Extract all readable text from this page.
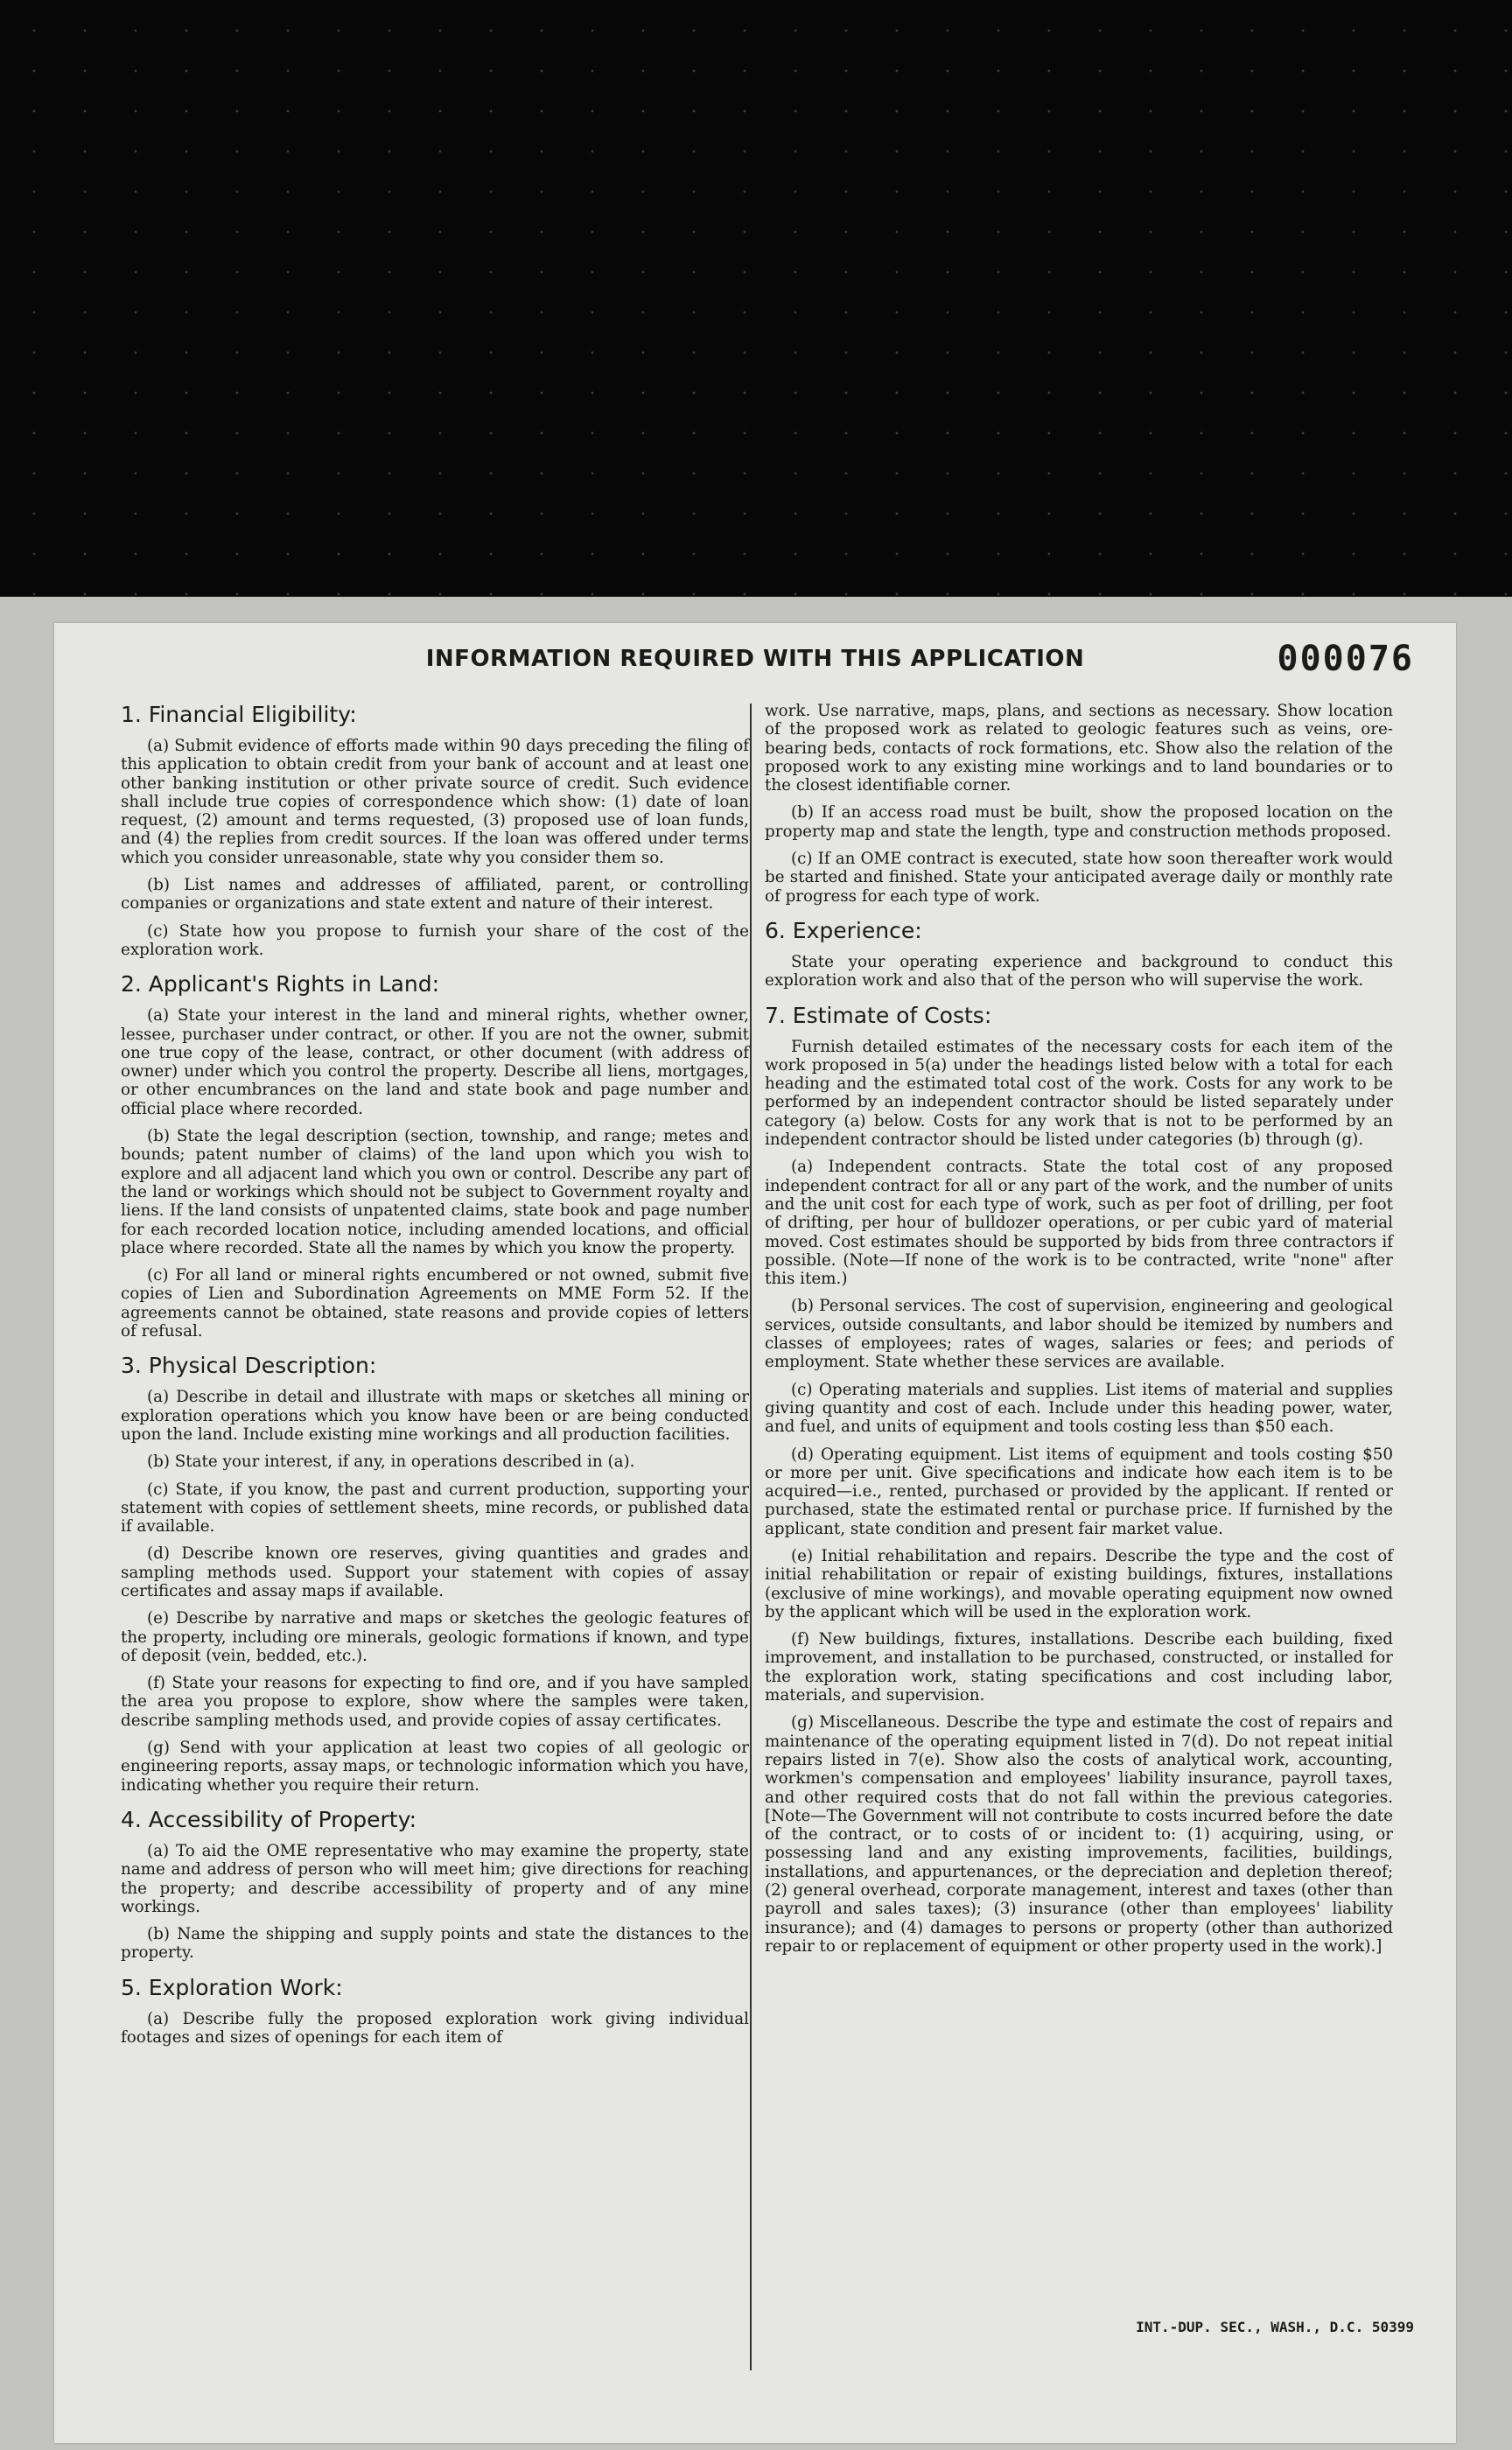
INFORMATION REQUIRED WITH THIS APPLICATION	000076
1. Financial Eligibility:

(a) Submit evidence of efforts made within 90 days preceding the filing of this application to obtain credit from your bank of account and at least one other banking institution or other private source of credit. Such evidence shall include true copies of correspondence which show: (1) date of loan request, (2) amount and terms requested, (3) proposed use of loan funds, and (4) the replies from credit sources. If the loan was offered under terms which you consider unreasonable, state why you consider them so.

(b) List names and addresses of affiliated, parent, or controlling companies or organizations and state extent and nature of their interest.

(c) State how you propose to furnish your share of the cost of the exploration work.

2. Applicant's Rights in Land:

(a) State your interest in the land and mineral rights, whether owner, lessee, purchaser under contract, or other. If you are not the owner, submit one true copy of the lease, contract, or other document (with address of owner) under which you control the property. Describe all liens, mortgages, or other encumbrances on the land and state book and page number and official place where recorded.

(b) State the legal description (section, township, and range; metes and bounds; patent number of claims) of the land upon which you wish to explore and all adjacent land which you own or control. Describe any part of the land or workings which should not be subject to Government royalty and liens. If the land consists of unpatented claims, state book and page number for each recorded location notice, including amended locations, and official place where recorded. State all the names by which you know the property.

(c) For all land or mineral rights encumbered or not owned, submit five copies of Lien and Subordination Agreements on MME Form 52. If the agreements cannot be obtained, state reasons and provide copies of letters of refusal.

3. Physical Description:

(a) Describe in detail and illustrate with maps or sketches all mining or exploration operations which you know have been or are being conducted upon the land. Include existing mine workings and all production facilities.

(b) State your interest, if any, in operations described in (a).

(c) State, if you know, the past and current production, supporting your statement with copies of settlement sheets, mine records, or published data if available.

(d) Describe known ore reserves, giving quantities and grades and sampling methods used. Support your statement with copies of assay certificates and assay maps if available.

(e) Describe by narrative and maps or sketches the geologic features of the property, including ore minerals, geologic formations if known, and type of deposit (vein, bedded, etc.).

(f) State your reasons for expecting to find ore, and if you have sampled the area you propose to explore, show where the samples were taken, describe sampling methods used, and provide copies of assay certificates.

(g) Send with your application at least two copies of all geologic or engineering reports, assay maps, or technologic information which you have, indicating whether you require their return.

4. Accessibility of Property:

(a) To aid the OME representative who may examine the property, state name and address of person who will meet him; give directions for reaching the property; and describe accessibility of property and of any mine workings.

(b) Name the shipping and supply points and state the distances to the property.

5. Exploration Work:

(a) Describe fully the proposed exploration work giving individual footages and sizes of openings for each item of

work. Use narrative, maps, plans, and sections as necessary. Show location of the proposed work as related to geologic features such as veins, ore-bearing beds, contacts of rock formations, etc. Show also the relation of the proposed work to any existing mine workings and to land boundaries or to the closest identifiable corner.

(b) If an access road must be built, show the proposed location on the property map and state the length, type and construction methods proposed.

(c) If an OME contract is executed, state how soon thereafter work would be started and finished. State your anticipated average daily or monthly rate of progress for each type of work.

6. Experience:

State your operating experience and background to conduct this exploration work and also that of the person who will supervise the work.

7. Estimate of Costs:

Furnish detailed estimates of the necessary costs for each item of the work proposed in 5(a) under the headings listed below with a total for each heading and the estimated total cost of the work. Costs for any work to be performed by an independent contractor should be listed separately under category (a) below. Costs for any work that is not to be performed by an independent contractor should be listed under categories (b) through (g).

(a) Independent contracts. State the total cost of any proposed independent contract for all or any part of the work, and the number of units and the unit cost for each type of work, such as per foot of drilling, per foot of drifting, per hour of bulldozer operations, or per cubic yard of material moved. Cost estimates should be supported by bids from three contractors if possible. (Note—If none of the work is to be contracted, write "none" after this item.)

(b) Personal services. The cost of supervision, engineering and geological services, outside consultants, and labor should be itemized by numbers and classes of employees; rates of wages, salaries or fees; and periods of employment. State whether these services are available.

(c) Operating materials and supplies. List items of material and supplies giving quantity and cost of each. Include under this heading power, water, and fuel, and units of equipment and tools costing less than $50 each.

(d) Operating equipment. List items of equipment and tools costing $50 or more per unit. Give specifications and indicate how each item is to be acquired—i.e., rented, purchased or provided by the applicant. If rented or purchased, state the estimated rental or purchase price. If furnished by the applicant, state condition and present fair market value.

(e) Initial rehabilitation and repairs. Describe the type and the cost of initial rehabilitation or repair of existing buildings, fixtures, installations (exclusive of mine workings), and movable operating equipment now owned by the applicant which will be used in the exploration work.

(f) New buildings, fixtures, installations. Describe each building, fixed improvement, and installation to be purchased, constructed, or installed for the exploration work, stating specifications and cost including labor, materials, and supervision.

(g) Miscellaneous. Describe the type and estimate the cost of repairs and maintenance of the operating equipment listed in 7(d). Do not repeat initial repairs listed in 7(e). Show also the costs of analytical work, accounting, workmen's compensation and employees' liability insurance, payroll taxes, and other required costs that do not fall within the previous categories. [Note—The Government will not contribute to costs incurred before the date of the contract, or to costs of or incident to: (1) acquiring, using, or possessing land and any existing improvements, facilities, buildings, installations, and appurtenances, or the depreciation and depletion thereof; (2) general overhead, corporate management, interest and taxes (other than payroll and sales taxes); (3) insurance (other than employees' liability insurance); and (4) damages to persons or property (other than authorized repair to or replacement of equipment or other property used in the work).]

INT.-DUP. SEC., WASH., D.C. 50399
